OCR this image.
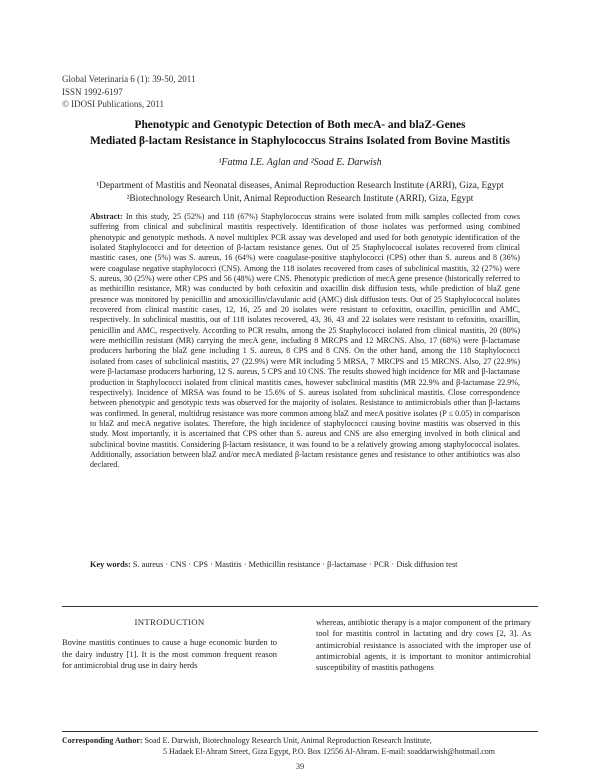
Global Veterinaria 6 (1): 39-50, 2011
ISSN 1992-6197
© IDOSI Publications, 2011
Phenotypic and Genotypic Detection of Both mecA- and blaZ-Genes
Mediated β-lactam Resistance in Staphylococcus Strains Isolated from Bovine Mastitis
¹Fatma I.E. Aglan and ²Soad E. Darwish
¹Department of Mastitis and Neonatal diseases, Animal Reproduction Research Institute (ARRI), Giza, Egypt
²Biotechnology Research Unit, Animal Reproduction Research Institute (ARRI), Giza, Egypt
Abstract: In this study, 25 (52%) and 118 (67%) Staphylococcus strains were isolated from milk samples collected from cows suffering from clinical and subclinical mastitis respectively. Identification of those isolates was performed using combined phenotypic and genotypic methods. A novel multiplex PCR assay was developed and used for both genotypic identification of the isolated Staphylococci and for detection of β-lactam resistance genes. Out of 25 Staphylococcal isolates recovered from clinical mastitic cases, one (5%) was S. aureus, 16 (64%) were coagulase-positive staphylococci (CPS) other than S. aureus and 8 (36%) were coagulase negative staphylococci (CNS). Among the 118 isolates recovered from cases of subclinical mastitis, 32 (27%) were S. aureus, 30 (25%) were other CPS and 56 (48%) were CNS. Phenotypic prediction of mecA gene presence (historically referred to as methicillin resistance, MR) was conducted by both cefoxitin and oxacillin disk diffusion tests, while prediction of blaZ gene presence was monitored by penicillin and amoxicillin/clavulanic acid (AMC) disk diffusion tests. Out of 25 Staphylococcal isolates recovered from clinical mastitic cases, 12, 16, 25 and 20 isolates were resistant to cefoxitin, oxacillin, penicillin and AMC, respectively. In subclinical mastitis, out of 118 isolates recovered, 43, 36, 43 and 22 isolates were resistant to cefoxitin, oxacillin, penicillin and AMC, respectively. According to PCR results, among the 25 Staphylococci isolated from clinical mastitis, 20 (80%) were methicillin resistant (MR) carrying the mecA gene, including 8 MRCPS and 12 MRCNS. Also, 17 (68%) were β-lactamase producers harboring the blaZ gene including 1 S. aureus, 8 CPS and 8 CNS. On the other hand, among the 118 Staphylococci isolated from cases of subclinical mastitis, 27 (22.9%) were MR including 5 MRSA, 7 MRCPS and 15 MRCNS. Also, 27 (22.9%) were β-lactamase producers harboring, 12 S. aureus, 5 CPS and 10 CNS. The results showed high incidence for MR and β-lactamase production in Staphylococci isolated from clinical mastitis cases, however subclinical mastitis (MR 22.9% and β-lactamase 22.9%, respectively). Incidence of MRSA was found to be 15.6% of S. aureus isolated from subclinical mastitis. Close correspondence between phenotypic and genotypic tests was observed for the majority of isolates. Resistance to antimicrobials other than β-lactams was confirmed. In general, multidrug resistance was more common among blaZ and mecA positive isolates (P ≤ 0.05) in comparison to blaZ and mecA negative isolates. Therefore, the high incidence of staphylococci causing bovine mastitis was observed in this study. Most importantly, it is ascertained that CPS other than S. aureus and CNS are also emerging involved in both clinical and subclinical bovine mastitis. Considering β-lactam resistance, it was found to be a relatively growing among staphylococcal isolates. Additionally, association between blaZ and/or mecA mediated β-lactam resistance genes and resistance to other antibiotics was also declared.
Key words: S. aureus · CNS · CPS · Mastitis · Methicillin resistance · β-lactamase · PCR · Disk diffusion test
INTRODUCTION

Bovine mastitis continues to cause a huge economic burden to the dairy industry [1]. It is the most common frequent reason for antimicrobial drug use in dairy herds

whereas, antibiotic therapy is a major component of the primary tool for mastitis control in lactating and dry cows [2, 3]. As antimicrobial resistance is associated with the improper use of antimicrobial agents, it is important to monitor antimicrobial susceptibility of mastitis pathogens

Corresponding Author: Soad E. Darwish, Biotechnology Research Unit, Animal Reproduction Research Institute,
5 Hadaek El-Ahram Street, Giza Egypt, P.O. Box 12556 Al-Ahram. E-mail: soaddarwish@hotmail.com
39
